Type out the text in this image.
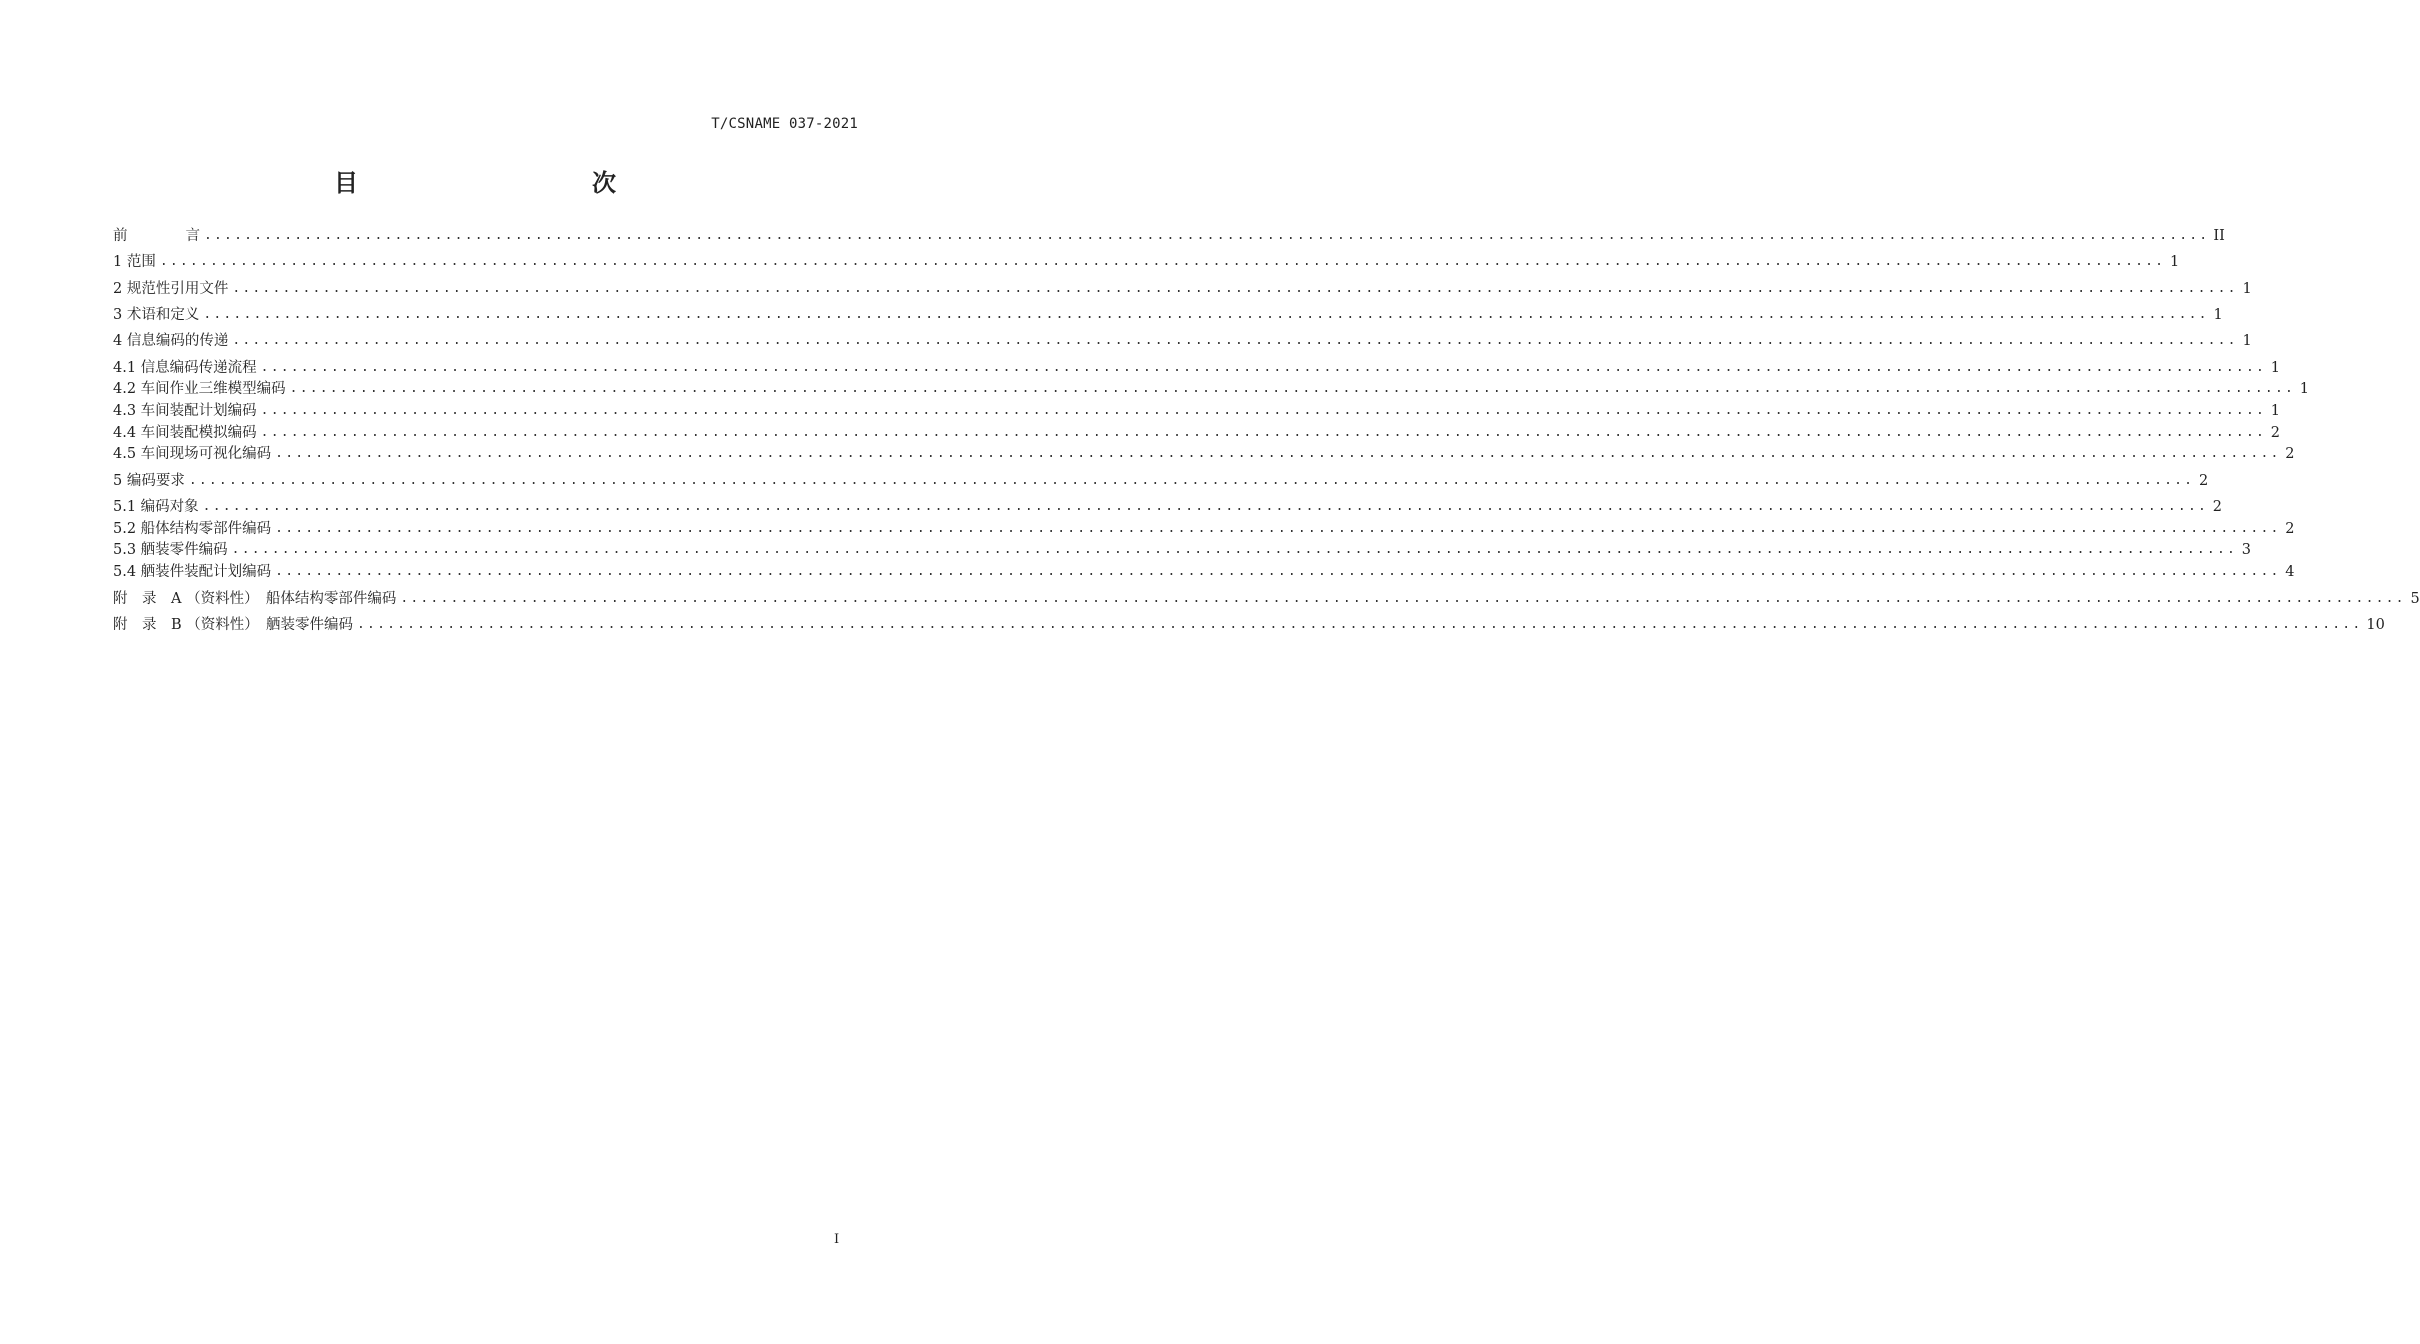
T/CSNAME 037-2021
目　　次
前　　　　言 ........................................................................................................................................................................................................ II
1 范围 ........................................................................................................................................................................................................ 1
2 规范性引用文件 ........................................................................................................................................................................................................ 1
3 术语和定义 ........................................................................................................................................................................................................ 1
4 信息编码的传递 ........................................................................................................................................................................................................ 1
4.1 信息编码传递流程 ........................................................................................................................................................................................................ 1
4.2 车间作业三维模型编码 ........................................................................................................................................................................................................ 1
4.3 车间装配计划编码 ........................................................................................................................................................................................................ 1
4.4 车间装配模拟编码 ........................................................................................................................................................................................................ 2
4.5 车间现场可视化编码 ........................................................................................................................................................................................................ 2
5 编码要求 ........................................................................................................................................................................................................ 2
5.1 编码对象 ........................................................................................................................................................................................................ 2
5.2 船体结构零部件编码 ........................................................................................................................................................................................................ 2
5.3 舾装零件编码 ........................................................................................................................................................................................................ 3
5.4 舾装件装配计划编码 ........................................................................................................................................................................................................ 4
附　录　A （资料性）　船体结构零部件编码 ........................................................................................................................................................................................................ 5
附　录　B （资料性）　舾装零件编码 ........................................................................................................................................................................................................ 10
I
